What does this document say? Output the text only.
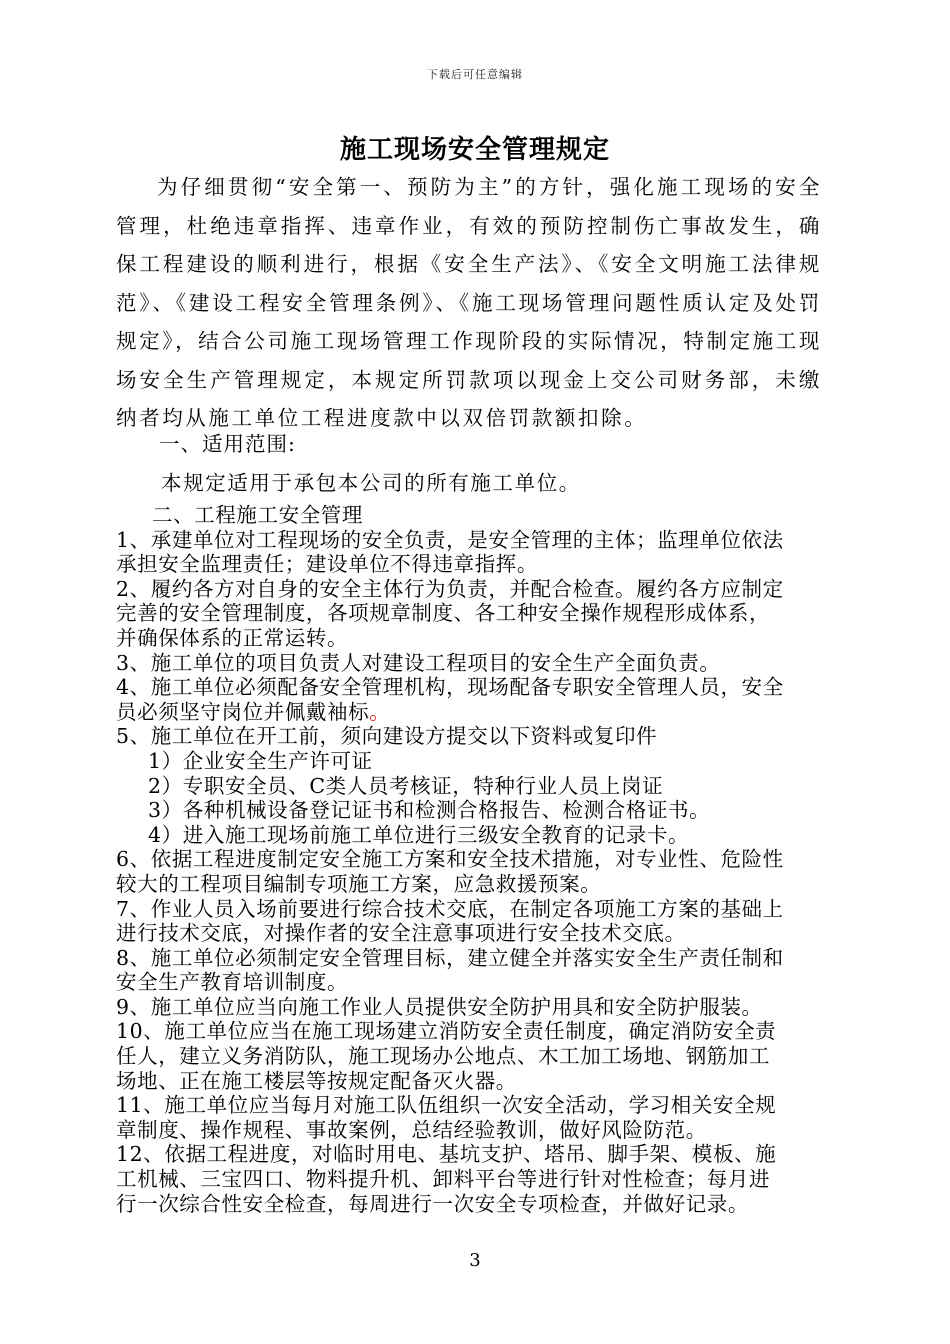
下载后可任意编辑
施工现场安全管理规定

为仔细贯彻“安全第一、预防为主”的方针，强化施工现场的安全管理，杜绝违章指挥、违章作业，有效的预防控制伤亡事故发生，确保工程建设的顺利进行，根据《安全生产法》、《安全文明施工法律规范》、《建设工程安全管理条例》、《施工现场管理问题性质认定及处罚规定》，结合公司施工现场管理工作现阶段的实际情况，特制定施工现场安全生产管理规定，本规定所罚款项以现金上交公司财务部，未缴纳者均从施工单位工程进度款中以双倍罚款额扣除。

一、适用范围:
本规定适用于承包本公司的所有施工单位。
二、工程施工安全管理
1、承建单位对工程现场的安全负责，是安全管理的主体；监理单位依法
承担安全监理责任；建设单位不得违章指挥。
2、履约各方对自身的安全主体行为负责，并配合检查。履约各方应制定
完善的安全管理制度，各项规章制度、各工种安全操作规程形成体系，
并确保体系的正常运转。
3、施工单位的项目负责人对建设工程项目的安全生产全面负责。
4、施工单位必须配备安全管理机构，现场配备专职安全管理人员，安全
员必须坚守岗位并佩戴袖标。
5、施工单位在开工前，须向建设方提交以下资料或复印件
1）企业安全生产许可证
2）专职安全员、C类人员考核证，特种行业人员上岗证
3）各种机械设备登记证书和检测合格报告、检测合格证书。
4）进入施工现场前施工单位进行三级安全教育的记录卡。
6、依据工程进度制定安全施工方案和安全技术措施，对专业性、危险性
较大的工程项目编制专项施工方案，应急救援预案。
7、作业人员入场前要进行综合技术交底，在制定各项施工方案的基础上
进行技术交底，对操作者的安全注意事项进行安全技术交底。
8、施工单位必须制定安全管理目标，建立健全并落实安全生产责任制和
安全生产教育培训制度。
9、施工单位应当向施工作业人员提供安全防护用具和安全防护服装。
10、施工单位应当在施工现场建立消防安全责任制度，确定消防安全责
任人，建立义务消防队，施工现场办公地点、木工加工场地、钢筋加工
场地、正在施工楼层等按规定配备灭火器。
11、施工单位应当每月对施工队伍组织一次安全活动，学习相关安全规
章制度、操作规程、事故案例，总结经验教训，做好风险防范。
12、依据工程进度，对临时用电、基坑支护、塔吊、脚手架、模板、施
工机械、三宝四口、物料提升机、卸料平台等进行针对性检查；每月进
行一次综合性安全检查，每周进行一次安全专项检查，并做好记录。
3
